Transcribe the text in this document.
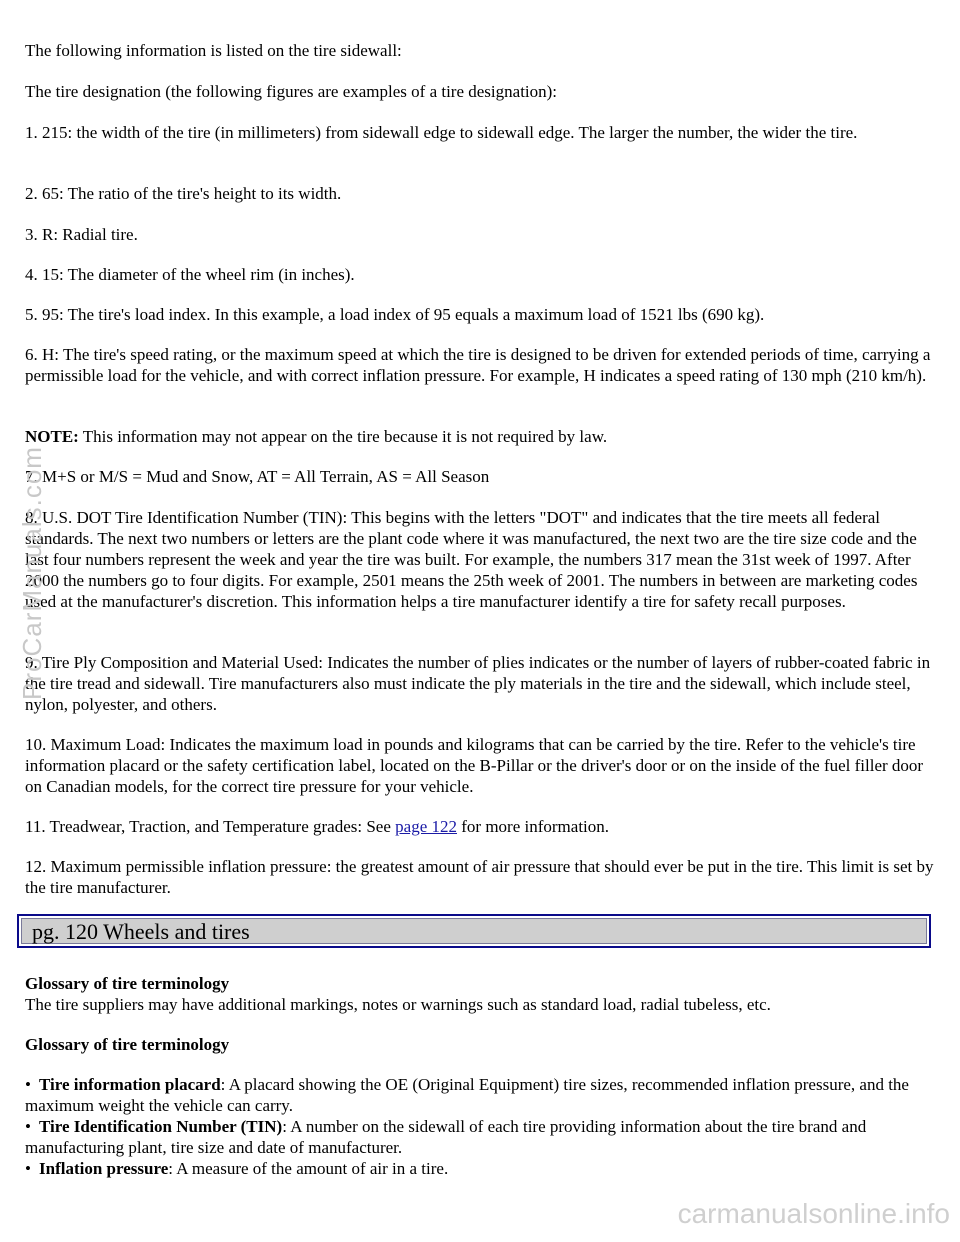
The following information is listed on the tire sidewall:

The tire designation (the following figures are examples of a tire designation):

1. 215: the width of the tire (in millimeters) from sidewall edge to sidewall edge. The larger the number, the wider the tire.

2. 65: The ratio of the tire's height to its width.

3. R: Radial tire.

4. 15: The diameter of the wheel rim (in inches).

5. 95: The tire's load index. In this example, a load index of 95 equals a maximum load of 1521 lbs (690 kg).

6. H: The tire's speed rating, or the maximum speed at which the tire is designed to be driven for extended periods of time, carrying a permissible load for the vehicle, and with correct inflation pressure. For example, H indicates a speed rating of 130 mph (210 km/h).

NOTE: This information may not appear on the tire because it is not required by law.

7. M+S or M/S = Mud and Snow, AT = All Terrain, AS = All Season

8. U.S. DOT Tire Identification Number (TIN): This begins with the letters "DOT" and indicates that the tire meets all federal standards. The next two numbers or letters are the plant code where it was manufactured, the next two are the tire size code and the last four numbers represent the week and year the tire was built. For example, the numbers 317 mean the 31st week of 1997. After 2000 the numbers go to four digits. For example, 2501 means the 25th week of 2001. The numbers in between are marketing codes used at the manufacturer's discretion. This information helps a tire manufacturer identify a tire for safety recall purposes.

9. Tire Ply Composition and Material Used: Indicates the number of plies indicates or the number of layers of rubber-coated fabric in the tire tread and sidewall. Tire manufacturers also must indicate the ply materials in the tire and the sidewall, which include steel, nylon, polyester, and others.

10. Maximum Load: Indicates the maximum load in pounds and kilograms that can be carried by the tire. Refer to the vehicle's tire information placard or the safety certification label, located on the B-Pillar or the driver's door or on the inside of the fuel filler door on Canadian models, for the correct tire pressure for your vehicle.

11. Treadwear, Traction, and Temperature grades: See page 122 for more information.

12. Maximum permissible inflation pressure: the greatest amount of air pressure that should ever be put in the tire. This limit is set by the tire manufacturer.

Glossary of tire terminology

The tire suppliers may have additional markings, notes or warnings such as standard load, radial tubeless, etc.

Glossary of tire terminology

• Tire information placard: A placard showing the OE (Original Equipment) tire sizes, recommended inflation pressure, and the maximum weight the vehicle can carry.
• Tire Identification Number (TIN): A number on the sidewall of each tire providing information about the tire brand and manufacturing plant, tire size and date of manufacturer.
• Inflation pressure: A measure of the amount of air in a tire.
pg. 120 Wheels and tires
ProCarManuals.com
carmanualsonline.info
